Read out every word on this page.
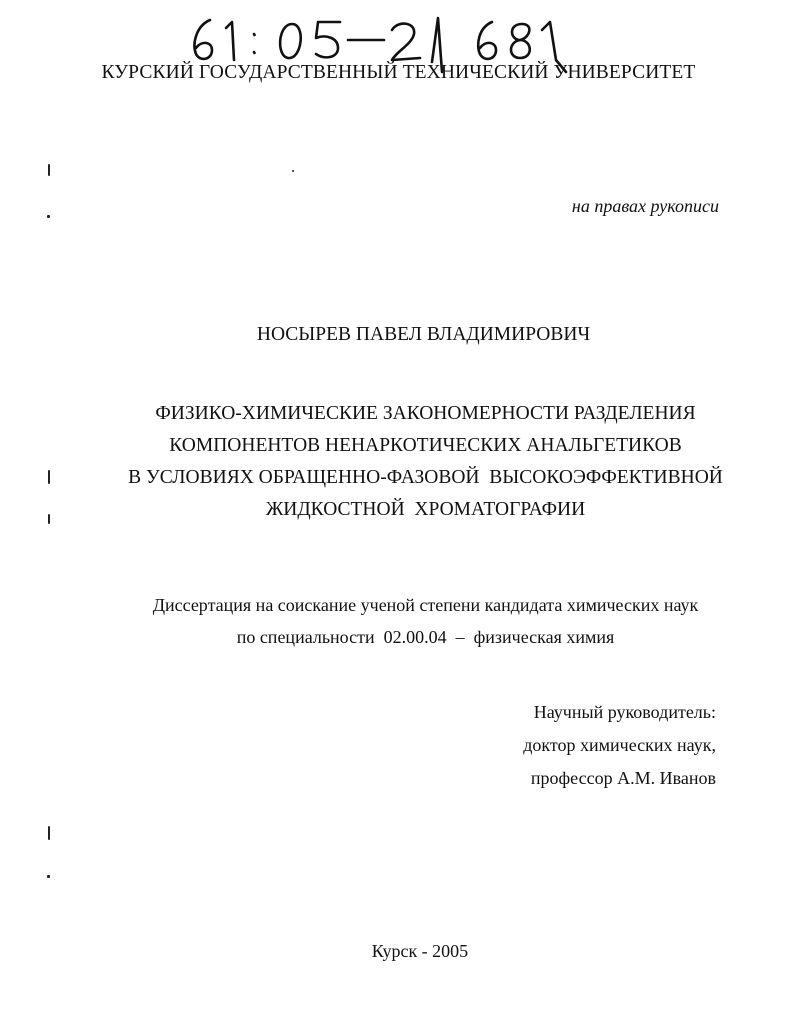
КУРСКИЙ ГОСУДАРСТВЕННЫЙ ТЕХНИЧЕСКИЙ УНИВЕРСИТЕТ
на правах рукописи
НОСЫРЕВ ПАВЕЛ ВЛАДИМИРОВИЧ
ФИЗИКО-ХИМИЧЕСКИЕ ЗАКОНОМЕРНОСТИ РАЗДЕЛЕНИЯ
КОМПОНЕНТОВ НЕНАРКОТИЧЕСКИХ АНАЛЬГЕТИКОВ
В УСЛОВИЯХ ОБРАЩЕННО-ФАЗОВОЙ  ВЫСОКОЭФФЕКТИВНОЙ
ЖИДКОСТНОЙ  ХРОМАТОГРАФИИ
Диссертация на соискание ученой степени кандидата химических наук
по специальности  02.00.04  –  физическая химия
Научный руководитель:
доктор химических наук,
профессор А.М. Иванов
Курск - 2005
